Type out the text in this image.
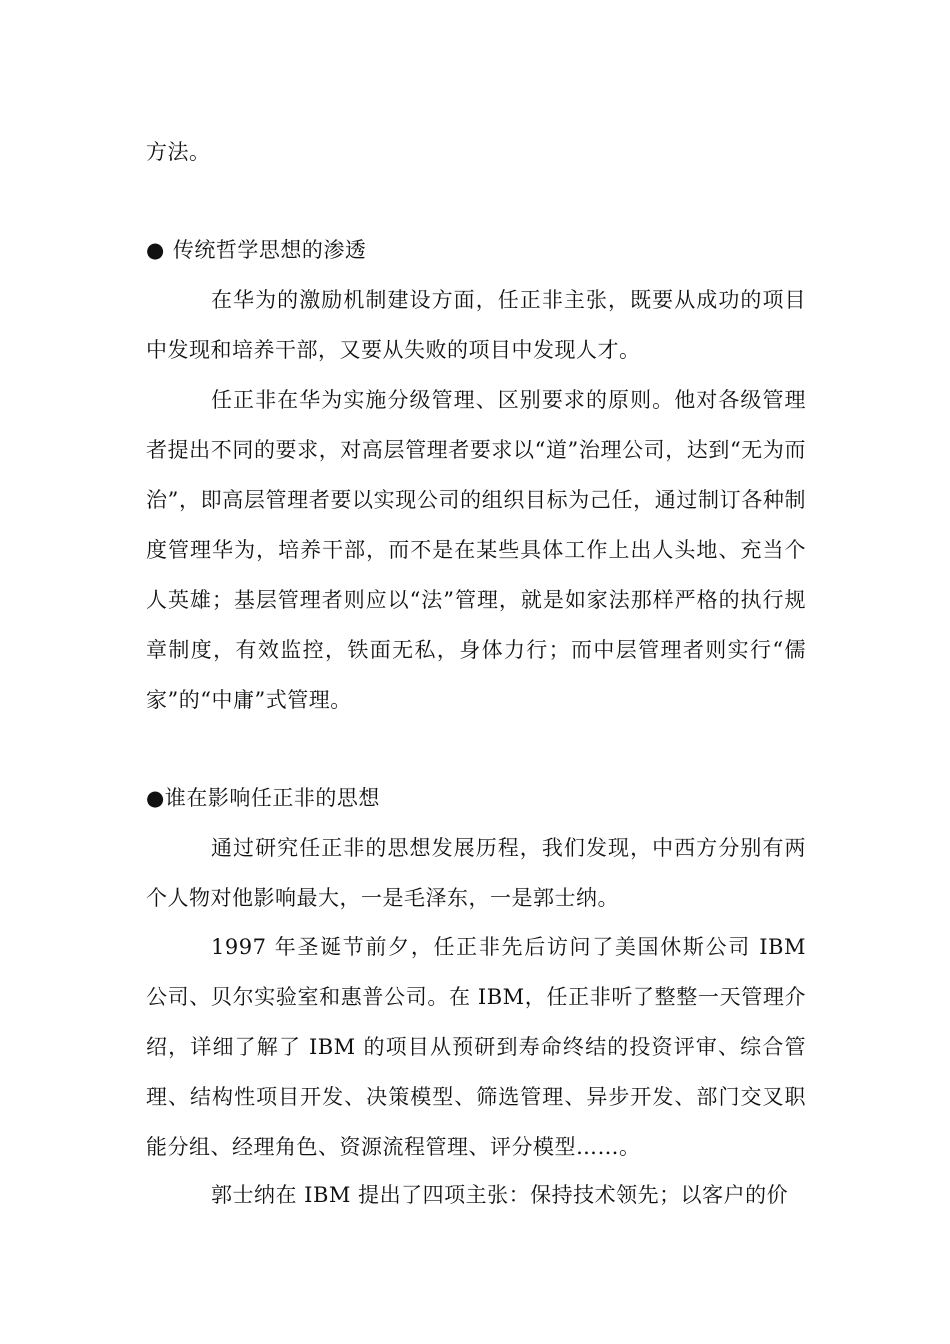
方法。

● 传统哲学思想的渗透

在华为的激励机制建设方面，任正非主张，既要从成功的项目中发现和培养干部，又要从失败的项目中发现人才。

任正非在华为实施分级管理、区别要求的原则。他对各级管理者提出不同的要求，对高层管理者要求以“道”治理公司，达到“无为而治”，即高层管理者要以实现公司的组织目标为己任，通过制订各种制度管理华为，培养干部，而不是在某些具体工作上出人头地、充当个人英雄；基层管理者则应以“法”管理，就是如家法那样严格的执行规章制度，有效监控，铁面无私，身体力行；而中层管理者则实行“儒家”的“中庸”式管理。

●谁在影响任正非的思想

通过研究任正非的思想发展历程，我们发现，中西方分别有两个人物对他影响最大，一是毛泽东，一是郭士纳。

1997 年圣诞节前夕，任正非先后访问了美国休斯公司 IBM 公司、贝尔实验室和惠普公司。在 IBM，任正非听了整整一天管理介绍，详细了解了 IBM 的项目从预研到寿命终结的投资评审、综合管理、结构性项目开发、决策模型、筛选管理、异步开发、部门交叉职能分组、经理角色、资源流程管理、评分模型……。

郭士纳在 IBM 提出了四项主张：保持技术领先；以客户的价
